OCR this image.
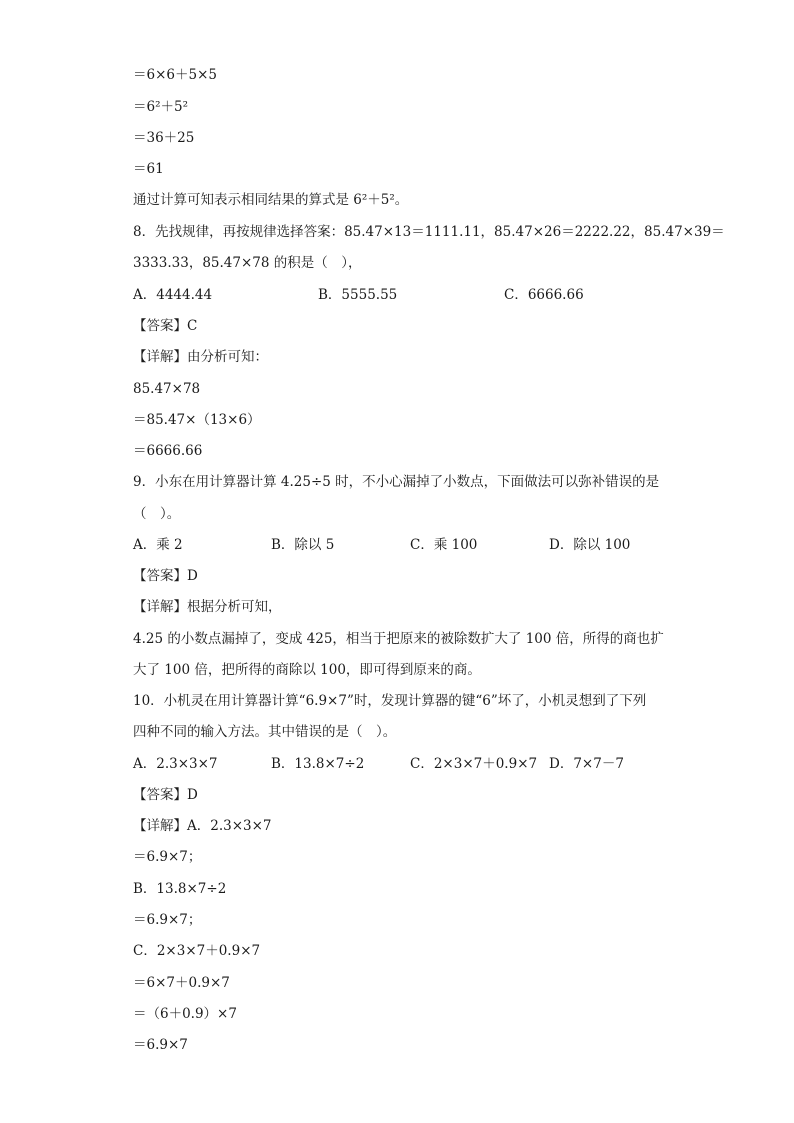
＝6×6＋5×5
＝6²＋5²
＝36＋25
＝61
通过计算可知表示相同结果的算式是 6²＋5²。
8．先找规律，再按规律选择答案：85.47×13＝1111.11，85.47×26＝2222.22，85.47×39＝
3333.33，85.47×78 的积是（　），
A．4444.44	B．5555.55	C．6666.66
【答案】C
【详解】由分析可知：
85.47×78
＝85.47×（13×6）
＝6666.66
9．小东在用计算器计算 4.25÷5 时，不小心漏掉了小数点，下面做法可以弥补错误的是
（　）。
A．乘 2	B．除以 5	C．乘 100	D．除以 100
【答案】D
【详解】根据分析可知，
4.25 的小数点漏掉了，变成 425，相当于把原来的被除数扩大了 100 倍，所得的商也扩
大了 100 倍，把所得的商除以 100，即可得到原来的商。
10．小机灵在用计算器计算“6.9×7”时，发现计算器的键“6”坏了，小机灵想到了下列
四种不同的输入方法。其中错误的是（　）。
A．2.3×3×7	B．13.8×7÷2	C．2×3×7＋0.9×7 D．7×7－7
【答案】D
【详解】A．2.3×3×7
＝6.9×7；
B．13.8×7÷2
＝6.9×7；
C．2×3×7＋0.9×7
＝6×7＋0.9×7
＝（6＋0.9）×7
＝6.9×7
